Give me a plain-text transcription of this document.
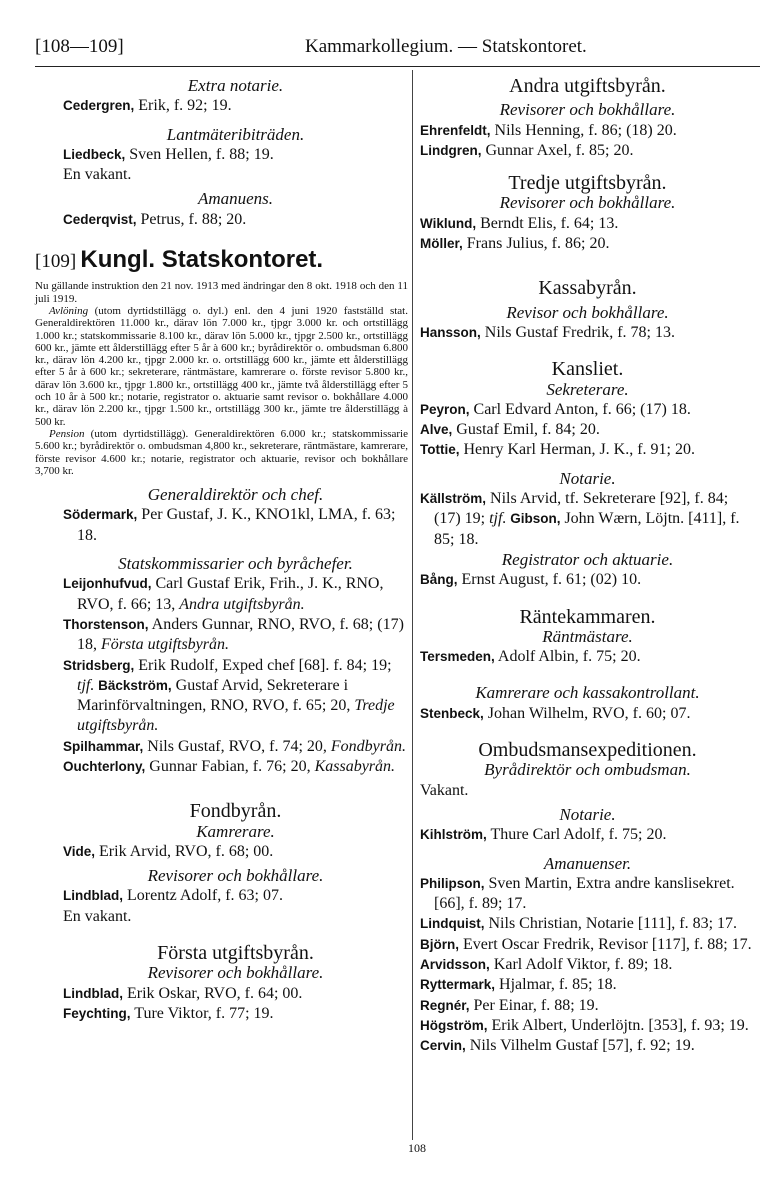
[108—109]	Kammarkollegium. — Statskontoret.

Extra notarie.

Cedergren, Erik, f. 92; 19.

Lantmäteribiträden.

Liedbeck, Sven Hellen, f. 88; 19.

En vakant.

Amanuens.

Cederqvist, Petrus, f. 88; 20.

[109] Kungl. Statskontoret.

Nu gällande instruktion den 21 nov. 1913 med ändringar den 8 okt. 1918 och den 11 juli 1919.

Avlöning (utom dyrtidstillägg o. dyl.) enl. den 4 juni 1920 fastställd stat. Generaldirektören 11.000 kr., därav lön 7.000 kr., tjpgr 3.000 kr. och ortstillägg 1.000 kr.; statskommissarie 8.100 kr., därav lön 5.000 kr., tjpgr 2.500 kr., ortstillägg 600 kr., jämte ett ålderstillägg efter 5 år à 600 kr.; byrådirektör o. ombudsman 6.800 kr., därav lön 4.200 kr., tjpgr 2.000 kr. o. ortstillägg 600 kr., jämte ett ålderstillägg efter 5 år à 600 kr.; sekreterare, räntmästare, kamrerare o. förste revisor 5.800 kr., därav lön 3.600 kr., tjpgr 1.800 kr., ortstillägg 400 kr., jämte två ålderstillägg efter 5 och 10 år à 500 kr.; notarie, registrator o. aktuarie samt revisor o. bokhållare 4.000 kr., därav lön 2.200 kr., tjpgr 1.500 kr., ortstillägg 300 kr., jämte tre ålderstillägg à 500 kr.

Pension (utom dyrtidstillägg). Generaldirektören 6.000 kr.; statskommissarie 5.600 kr.; byrådirektör o. ombudsman 4,800 kr., sekreterare, räntmästare, kamrerare, förste revisor 4.600 kr.; notarie, registrator och aktuarie, revisor och bokhållare 3,700 kr.

Generaldirektör och chef.

Södermark, Per Gustaf, J. K., KNO1kl, LMA, f. 63; 18.

Statskommissarier och byråchefer.

Leijonhufvud, Carl Gustaf Erik, Frih., J. K., RNO, RVO, f. 66; 13, Andra utgiftsbyrån.

Thorstenson, Anders Gunnar, RNO, RVO, f. 68; (17) 18, Första utgiftsbyrån.

Stridsberg, Erik Rudolf, Exped chef [68]. f. 84; 19; tjf. Bäckström, Gustaf Arvid, Sekreterare i Marinförvaltningen, RNO, RVO, f. 65; 20, Tredje utgiftsbyrån.

Spilhammar, Nils Gustaf, RVO, f. 74; 20, Fondbyrån.

Ouchterlony, Gunnar Fabian, f. 76; 20, Kassabyrån.

Fondbyrån.

Kamrerare.

Vide, Erik Arvid, RVO, f. 68; 00.

Revisorer och bokhållare.

Lindblad, Lorentz Adolf, f. 63; 07.

En vakant.

Första utgiftsbyrån.

Revisorer och bokhållare.

Lindblad, Erik Oskar, RVO, f. 64; 00.

Feychting, Ture Viktor, f. 77; 19.

Andra utgiftsbyrån.

Revisorer och bokhållare.

Ehrenfeldt, Nils Henning, f. 86; (18) 20.

Lindgren, Gunnar Axel, f. 85; 20.

Tredje utgiftsbyrån.

Revisorer och bokhållare.

Wiklund, Berndt Elis, f. 64; 13.

Möller, Frans Julius, f. 86; 20.

Kassabyrån.

Revisor och bokhållare.

Hansson, Nils Gustaf Fredrik, f. 78; 13.

Kansliet.

Sekreterare.

Peyron, Carl Edvard Anton, f. 66; (17) 18.

Alve, Gustaf Emil, f. 84; 20.

Tottie, Henry Karl Herman, J. K., f. 91; 20.

Notarie.

Källström, Nils Arvid, tf. Sekreterare [92], f. 84; (17) 19; tjf. Gibson, John Wærn, Löjtn. [411], f. 85; 18.

Registrator och aktuarie.

Bång, Ernst August, f. 61; (02) 10.

Räntekammaren.

Räntmästare.

Tersmeden, Adolf Albin, f. 75; 20.

Kamrerare och kassakontrollant.

Stenbeck, Johan Wilhelm, RVO, f. 60; 07.

Ombudsmansexpeditionen.

Byrådirektör och ombudsman.

Vakant.

Notarie.

Kihlström, Thure Carl Adolf, f. 75; 20.

Amanuenser.

Philipson, Sven Martin, Extra andre kanslisekret. [66], f. 89; 17.

Lindquist, Nils Christian, Notarie [111], f. 83; 17.

Björn, Evert Oscar Fredrik, Revisor [117], f. 88; 17.

Arvidsson, Karl Adolf Viktor, f. 89; 18.

Ryttermark, Hjalmar, f. 85; 18.

Regnér, Per Einar, f. 88; 19.

Högström, Erik Albert, Underlöjtn. [353], f. 93; 19.

Cervin, Nils Vilhelm Gustaf [57], f. 92; 19.

108
